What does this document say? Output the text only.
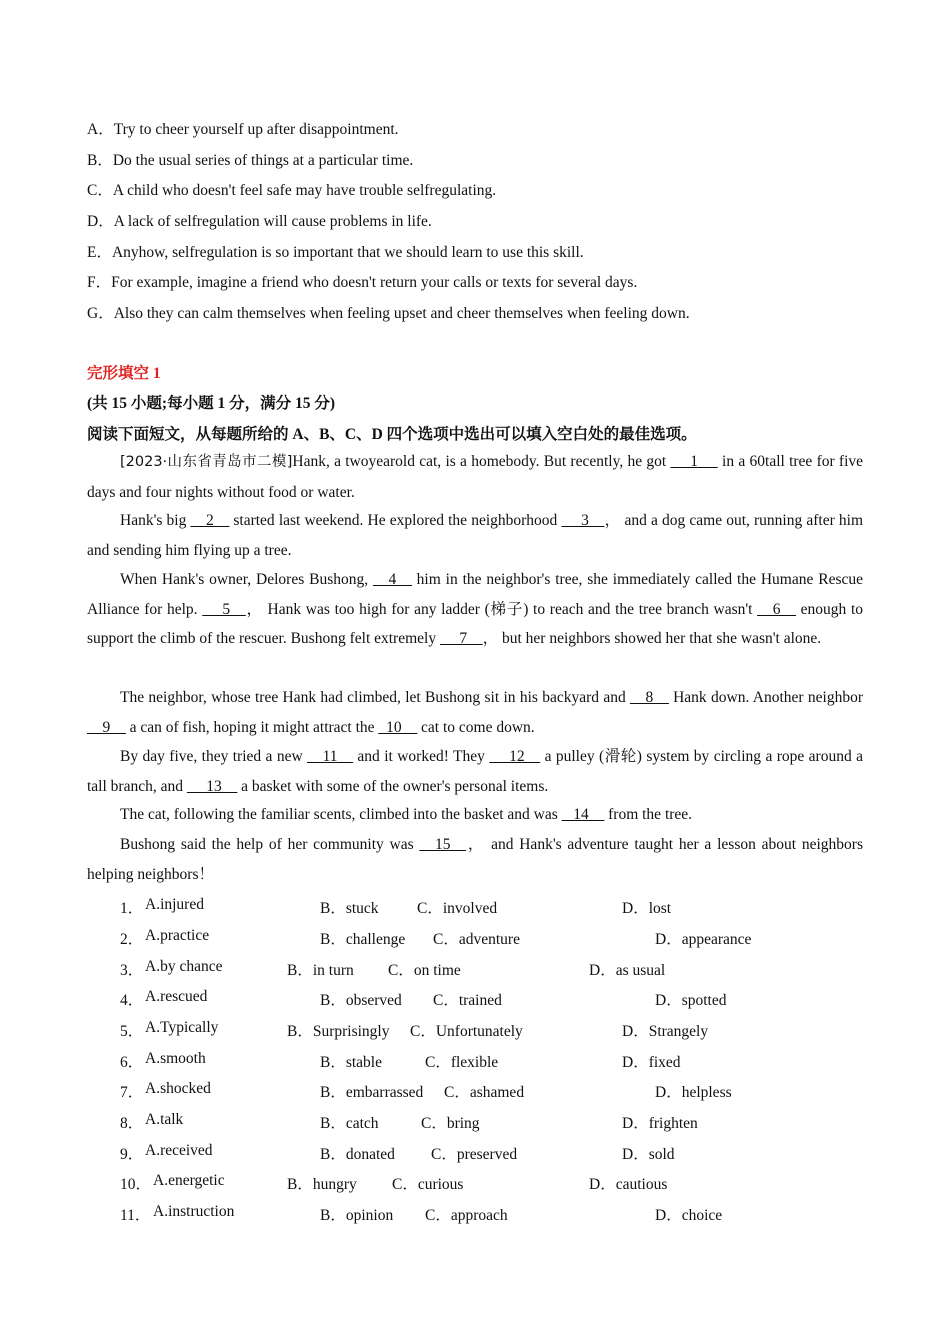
A．Try to cheer yourself up after disappointment.
B．Do the usual series of things at a particular time.
C．A child who doesn't feel safe may have trouble selfregulating.
D．A lack of selfregulation will cause problems in life.
E．Anyhow, selfregulation is so important that we should learn to use this skill.
F．For example, imagine a friend who doesn't return your calls or texts for several days.
G．Also they can calm themselves when feeling upset and cheer themselves when feeling down.
完形填空 1
(共 15 小题;每小题 1 分，满分 15 分)
阅读下面短文，从每题所给的 A、B、C、D 四个选项中选出可以填入空白处的最佳选项。
[2023·山东省青岛市二模]Hank, a twoyearold cat, is a homebody. But recently, he got  __1__  in a 60tall tree for five days and four nights without food or water.
Hank's big __2__ started last weekend. He explored the neighborhood  __3__， and a dog came out, running after him and sending him flying up a tree.
When Hank's owner, Delores Bushong, __4__ him in the neighbor's tree, she immediately called the Humane Rescue Alliance for help.  __5__， Hank was too high for any ladder (梯子) to reach and the tree branch wasn't __6__ enough to support the climb of the rescuer. Bushong felt extremely  __7__， but her neighbors showed her that she wasn't alone.
The neighbor, whose tree Hank had climbed, let Bushong sit in his backyard and __8__ Hank down. Another neighbor __9__ a can of fish, hoping it might attract the _10__ cat to come down.
By day five, they tried a new __11__ and it worked! They  __12__ a pulley (滑轮) system by circling a rope around a tall branch, and  __13__ a basket with some of the owner's personal items.
The cat, following the familiar scents, climbed into the basket and was  _14__ from the tree.
Bushong said the help of her community was __15__， and Hank's adventure taught her a lesson about neighbors helping neighbors！
1． A.injured	B．stuck C．involved	D．lost
2． A.practice	B．challenge C．adventure	D．appearance
3． A.by chance	B．in turn C．on time	D．as usual
4． A.rescued	B．observed C．trained	D．spotted
5． A.Typically	B．Surprisingly C．Unfortunately	D．Strangely
6． A.smooth	B．stable	C．flexible	D．fixed
7． A.shocked	B．embarrassed C．ashamed	D．helpless
8． A.talk	B．catch	C．bring	D．frighten
9． A.received	B．donated C．preserved	D．sold
10． A.energetic	B．hungry C．curious	D．cautious
11． A.instruction	B．opinion C．approach	D．choice
